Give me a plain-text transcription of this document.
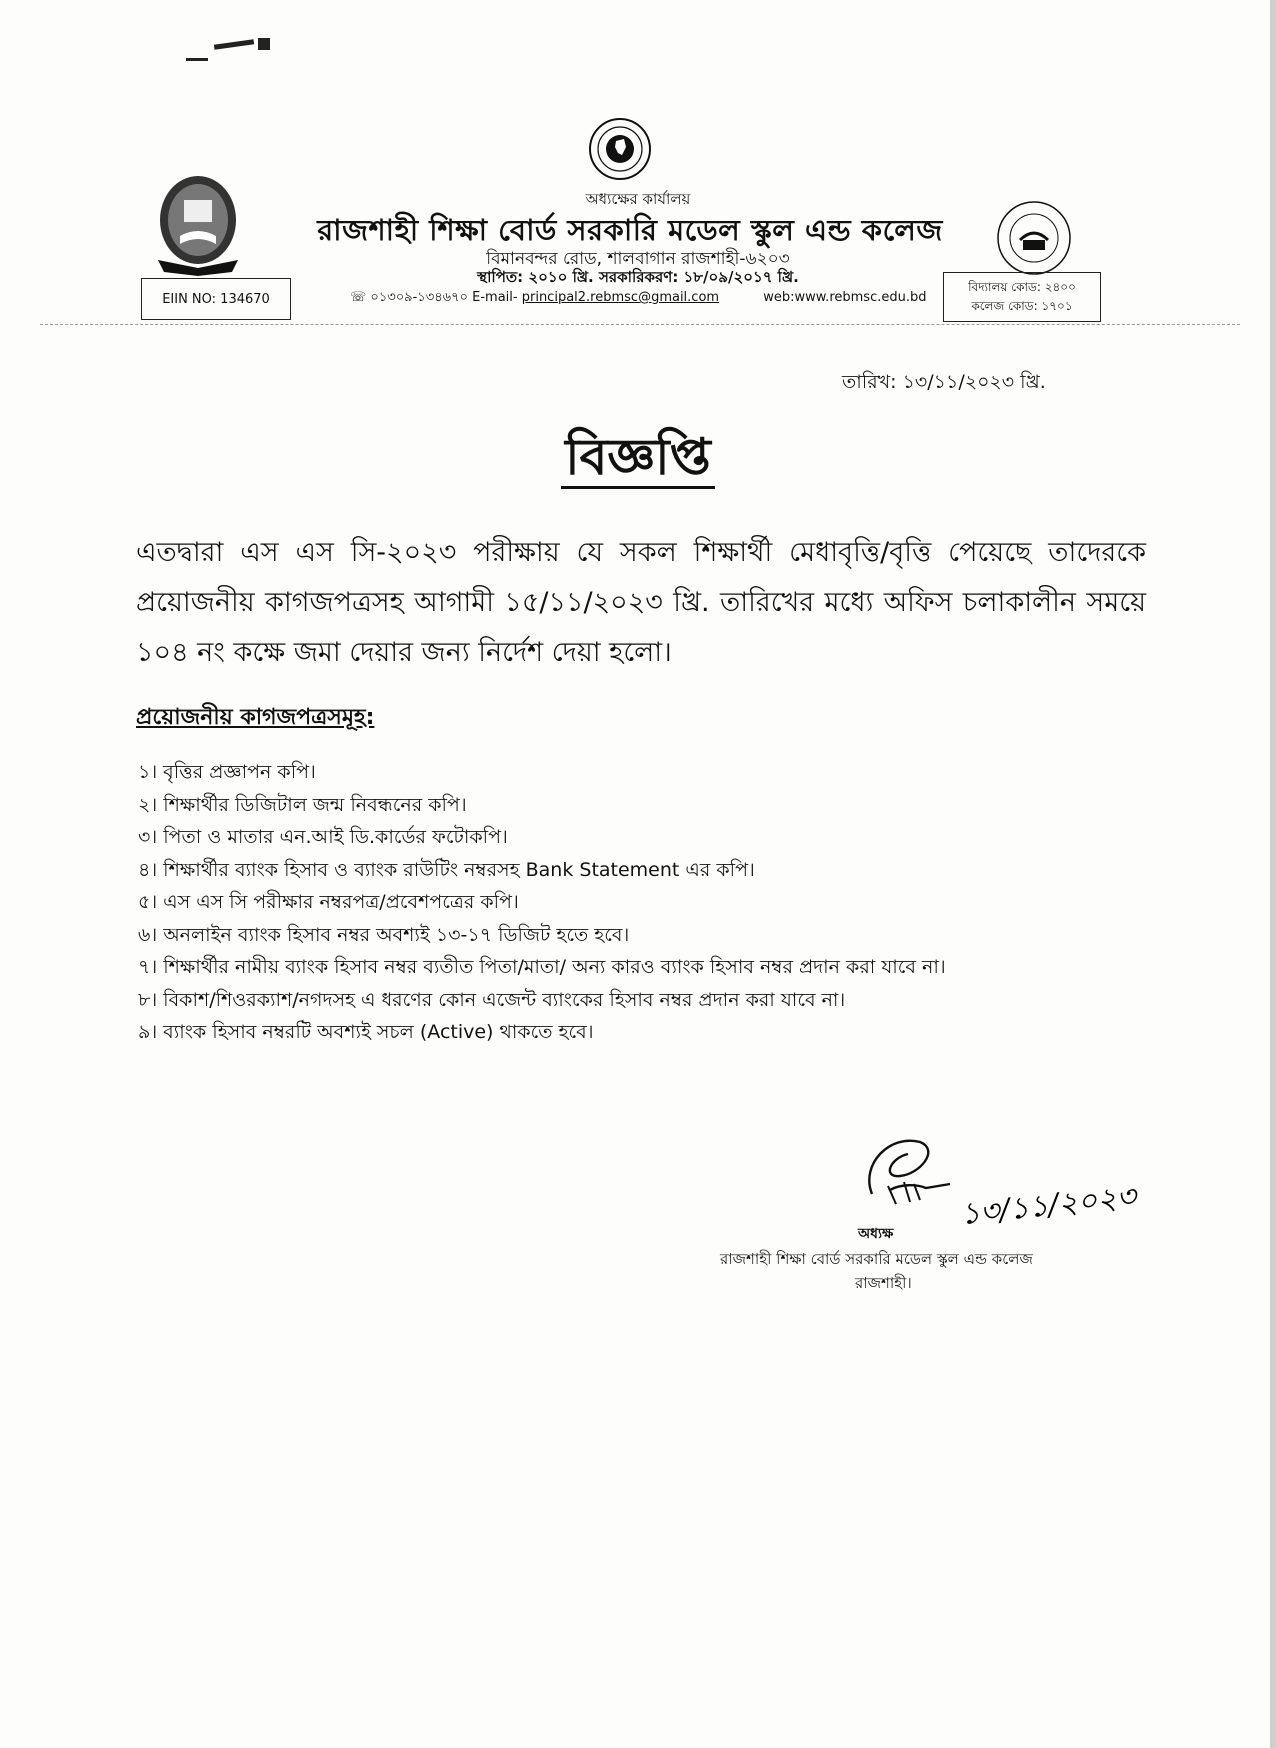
EIIN NO: 134670
অধ্যক্ষের কার্যালয়
রাজশাহী শিক্ষা বোর্ড সরকারি মডেল স্কুল এন্ড কলেজ
বিমানবন্দর রোড, শালবাগান রাজশাহী-৬২০৩
স্থাপিত: ২০১০ খ্রি. সরকারিকরণ: ১৮/০৯/২০১৭ খ্রি.
☏ ০১৩০৯-১৩৪৬৭০ E-mail- principal2.rebmsc@gmail.com	web:www.rebmsc.edu.bd
বিদ্যালয় কোড: ২৪০০
কলেজ কোড: ১৭০১
তারিখ: ১৩/১১/২০২৩ খ্রি.
বিজ্ঞপ্তি
এতদ্বারা এস এস সি-২০২৩ পরীক্ষায় যে সকল শিক্ষার্থী মেধাবৃত্তি/বৃত্তি পেয়েছে তাদেরকে প্রয়োজনীয় কাগজপত্রসহ আগামী ১৫/১১/২০২৩ খ্রি. তারিখের মধ্যে অফিস চলাকালীন সময়ে ১০৪ নং কক্ষে জমা দেয়ার জন্য নির্দেশ দেয়া হলো।
প্রয়োজনীয় কাগজপত্রসমূহ:
১। বৃত্তির প্রজ্ঞাপন কপি।
২। শিক্ষার্থীর ডিজিটাল জন্ম নিবন্ধনের কপি।
৩। পিতা ও মাতার এন.আই ডি.কার্ডের ফটোকপি।
৪। শিক্ষার্থীর ব্যাংক হিসাব ও ব্যাংক রাউটিং নম্বরসহ Bank Statement এর কপি।
৫। এস এস সি পরীক্ষার নম্বরপত্র/প্রবেশপত্রের কপি।
৬। অনলাইন ব্যাংক হিসাব নম্বর অবশ্যই ১৩-১৭ ডিজিট হতে হবে।
৭। শিক্ষার্থীর নামীয় ব্যাংক হিসাব নম্বর ব্যতীত পিতা/মাতা/ অন্য কারও ব্যাংক হিসাব নম্বর প্রদান করা যাবে না।
৮। বিকাশ/শিওরক্যাশ/নগদসহ এ ধরণের কোন এজেন্ট ব্যাংকের হিসাব নম্বর প্রদান করা যাবে না।
৯। ব্যাংক হিসাব নম্বরটি অবশ্যই সচল (Active) থাকতে হবে।
১৩/১১/২০২৩
অধ্যক্ষ
রাজশাহী শিক্ষা বোর্ড সরকারি মডেল স্কুল এন্ড কলেজ
রাজশাহী।
